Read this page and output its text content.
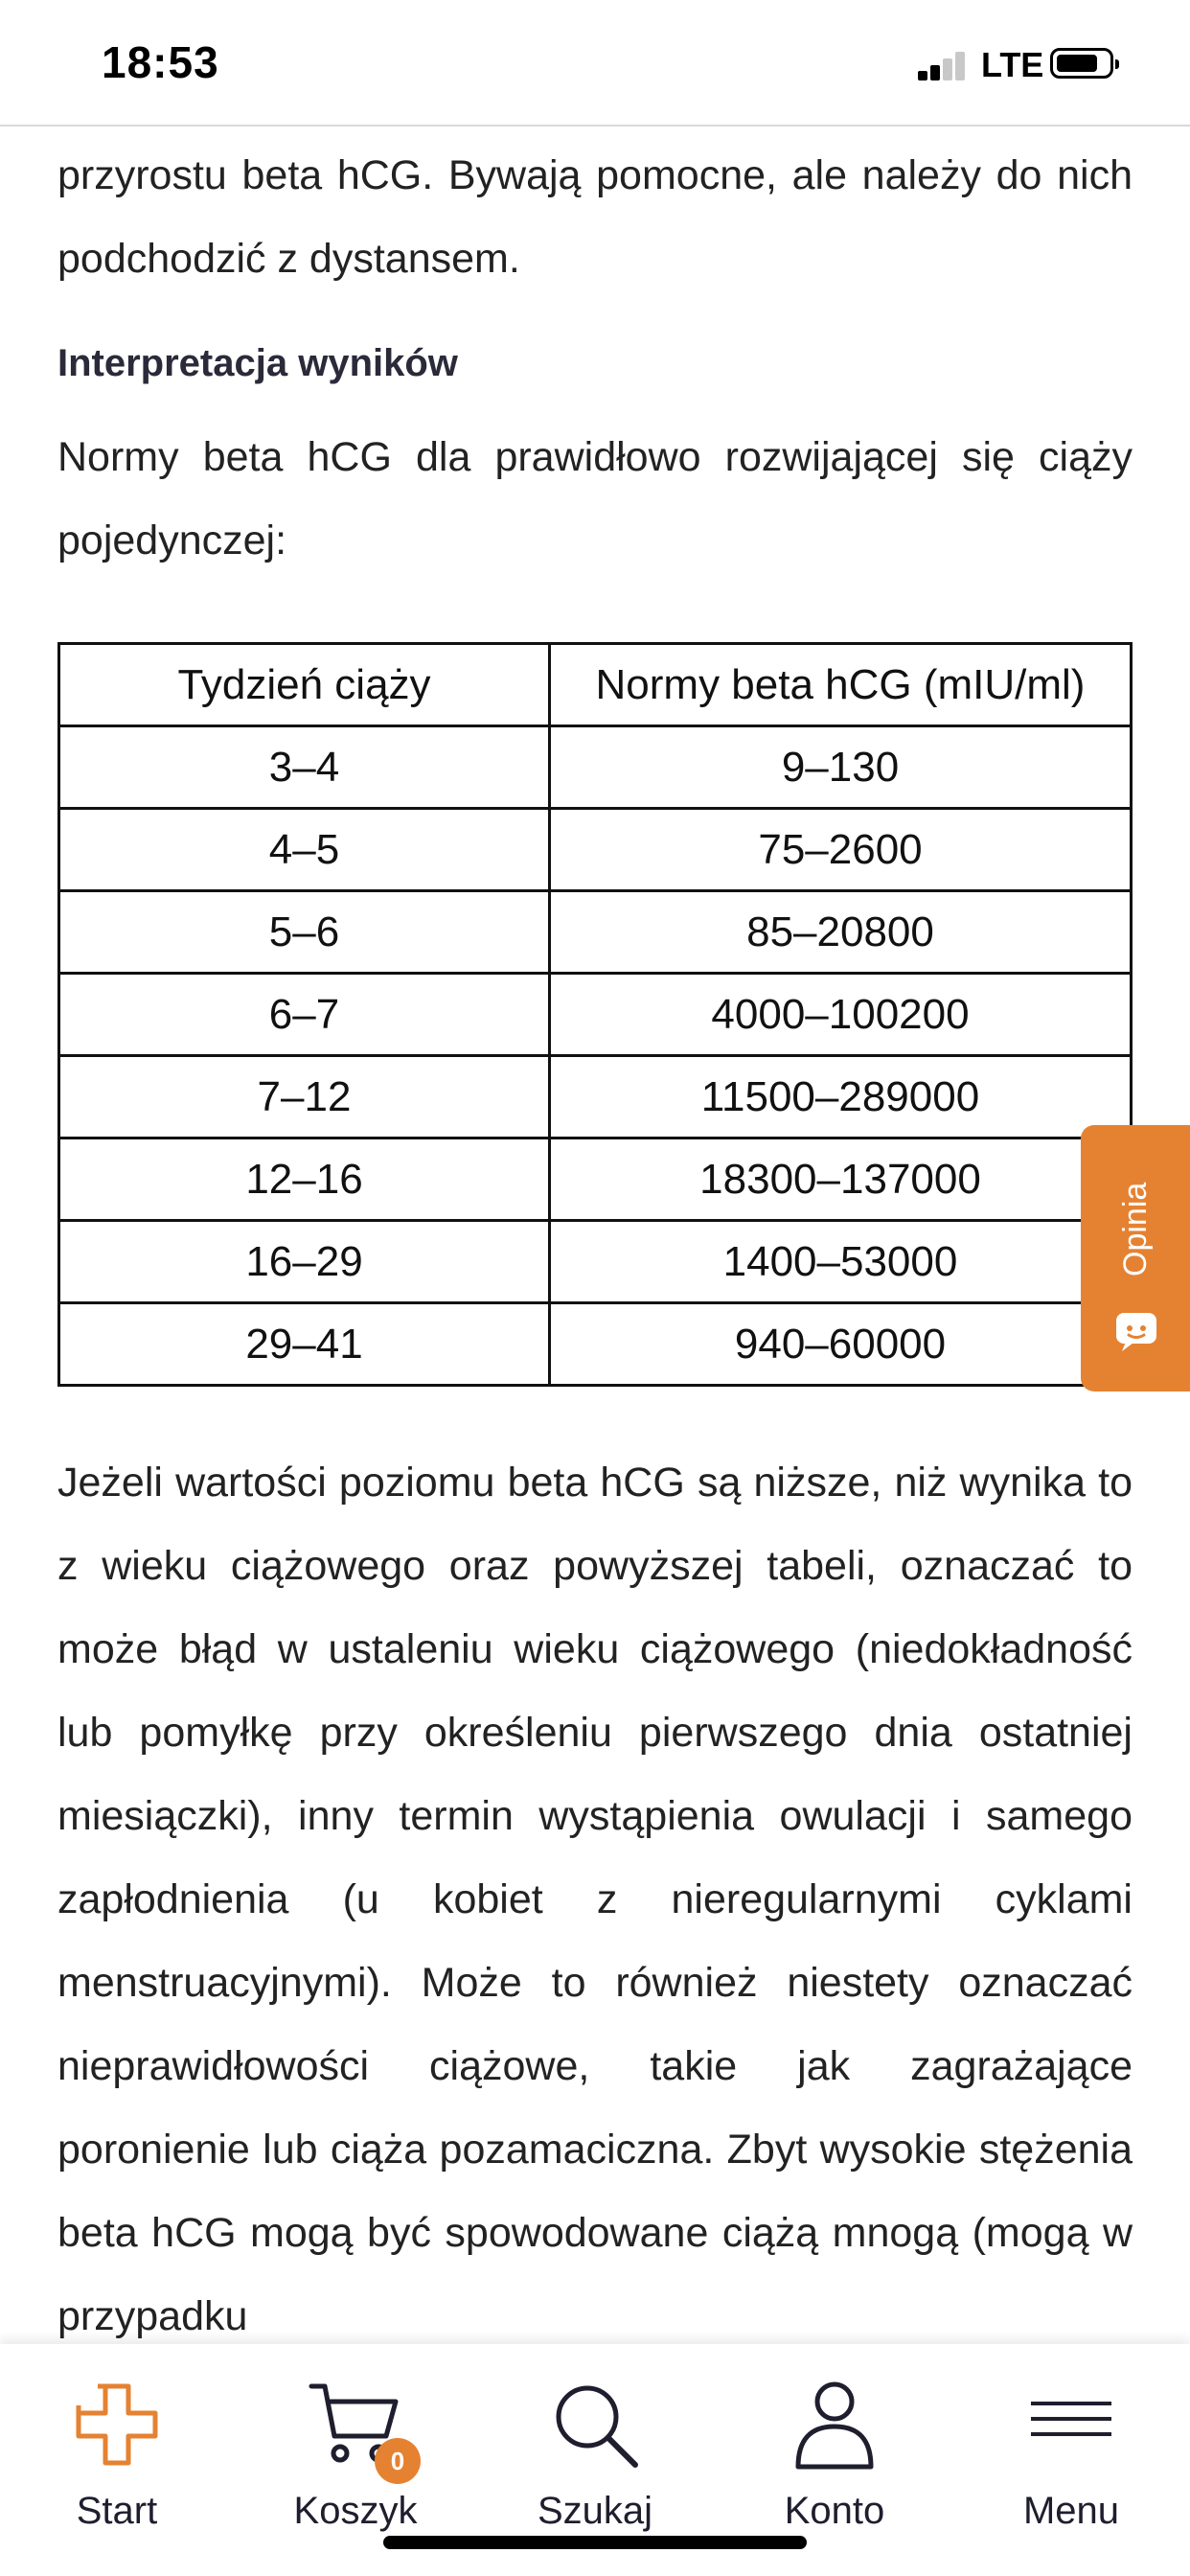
18:53	LTE

przyrostu beta hCG. Bywają pomocne, ale należy do nich podchodzić z dystansem.

Interpretacja wyników

Normy beta hCG dla prawidłowo rozwijającej się ciąży pojedynczej:

Tydzień ciąży	Normy beta hCG (mIU/ml)
3–4	9–130
4–5	75–2600
5–6	85–20800
6–7	4000–100200
7–12	11500–289000
12–16	18300–137000
16–29	1400–53000
29–41	940–60000

Jeżeli wartości poziomu beta hCG są niższe, niż wynika to z wieku ciążowego oraz powyższej tabeli, oznaczać to może błąd w ustaleniu wieku ciążowego (niedokładność lub pomyłkę przy określeniu pierwszego dnia ostatniej miesiączki), inny termin wystąpienia owulacji i samego zapłodnienia (u kobiet z nieregularnymi cyklami menstruacyjnymi). Może to również niestety oznaczać nieprawidłowości ciążowe, takie jak zagrażające poronienie lub ciąża pozamaciczna. Zbyt wysokie stężenia beta hCG mogą być spowodowane ciążą mnogą (mogą w przypadku

Opinia
Start
0
Koszyk	Szukaj	Konto	Menu
